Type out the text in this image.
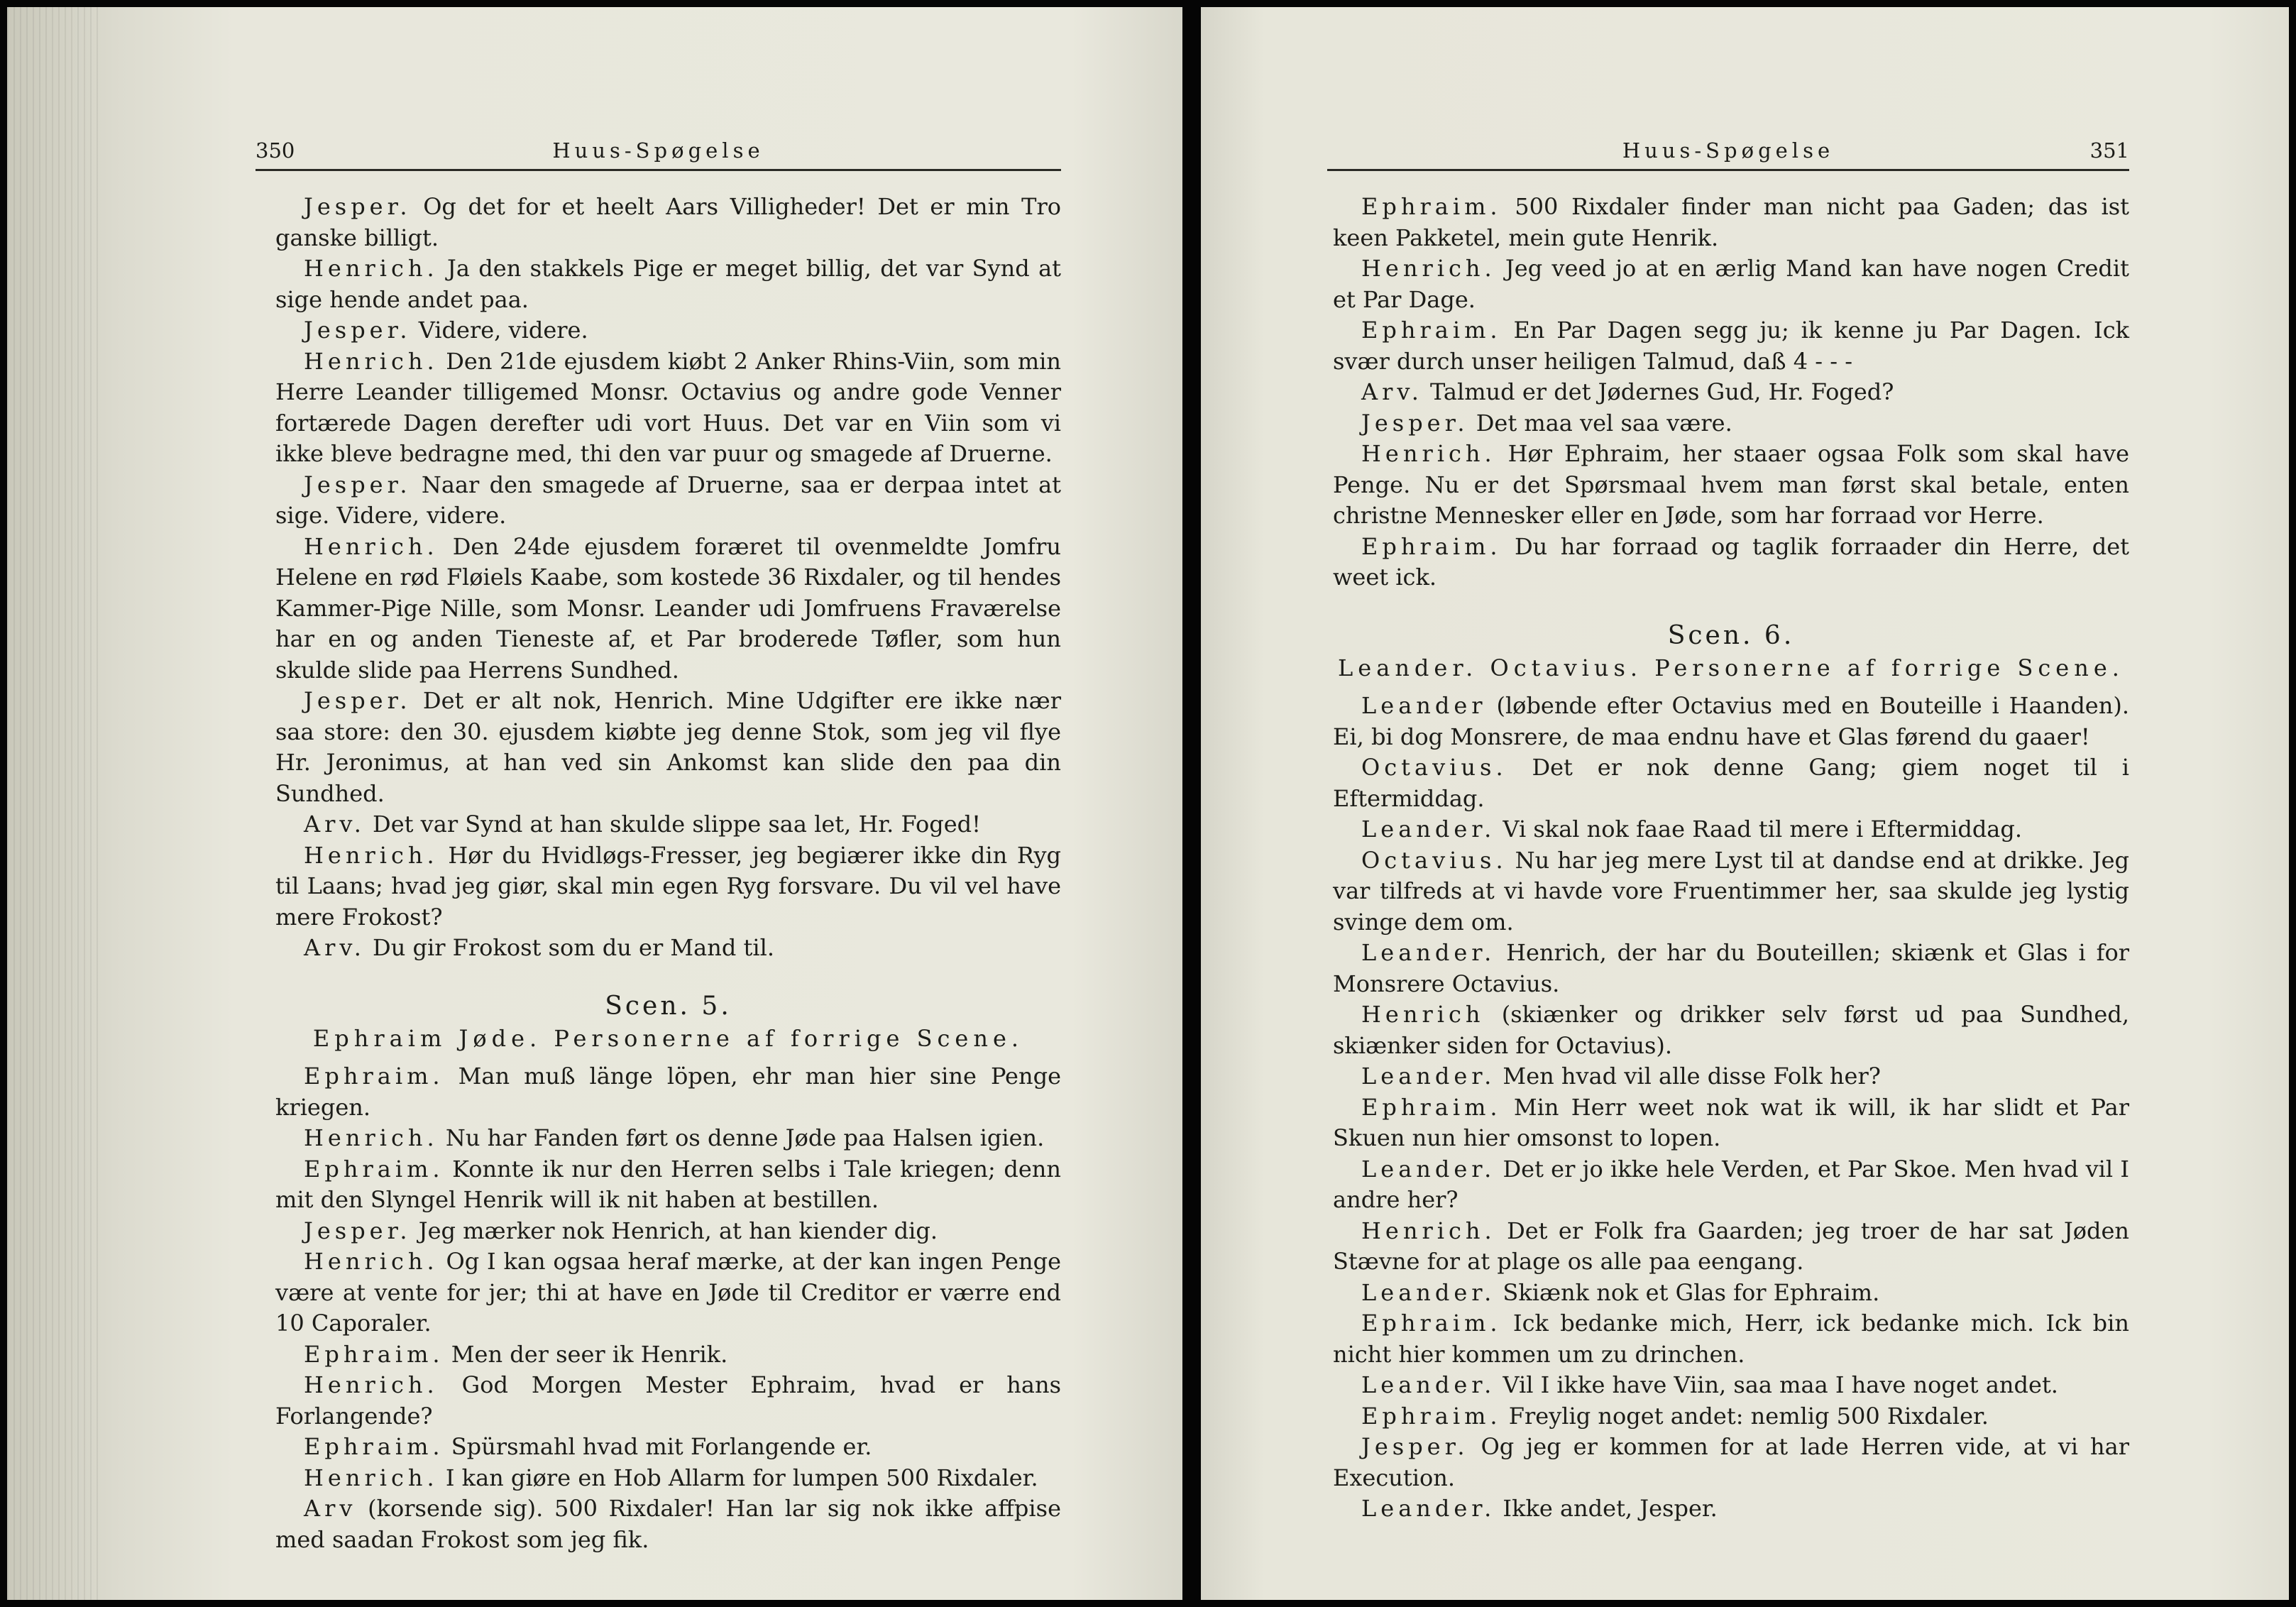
350	Huus-Spøgelse

Jesper. Og det for et heelt Aars Villigheder! Det er min Tro ganske billigt.

Henrich. Ja den stakkels Pige er meget billig, det var Synd at sige hende andet paa.

Jesper. Videre, videre.

Henrich. Den 21de ejusdem kiøbt 2 Anker Rhins-Viin, som min Herre Leander tilligemed Monsr. Octavius og andre gode Venner fortærede Dagen derefter udi vort Huus. Det var en Viin som vi ikke bleve bedragne med, thi den var puur og smagede af Druerne.

Jesper. Naar den smagede af Druerne, saa er derpaa intet at sige. Videre, videre.

Henrich. Den 24de ejusdem foræret til ovenmeldte Jomfru Helene en rød Fløiels Kaabe, som kostede 36 Rixdaler, og til hendes Kammer-Pige Nille, som Monsr. Leander udi Jomfruens Fraværelse har en og anden Tieneste af, et Par broderede Tøfler, som hun skulde slide paa Herrens Sundhed.

Jesper. Det er alt nok, Henrich. Mine Udgifter ere ikke nær saa store: den 30. ejusdem kiøbte jeg denne Stok, som jeg vil flye Hr. Jeronimus, at han ved sin Ankomst kan slide den paa din Sundhed.

Arv. Det var Synd at han skulde slippe saa let, Hr. Foged!

Henrich. Hør du Hvidløgs-Fresser, jeg begiærer ikke din Ryg til Laans; hvad jeg giør, skal min egen Ryg forsvare. Du vil vel have mere Frokost?

Arv. Du gir Frokost som du er Mand til.

Scen. 5.
Ephraim Jøde. Personerne af forrige Scene.

Ephraim. Man muß länge löpen, ehr man hier sine Penge kriegen.

Henrich. Nu har Fanden ført os denne Jøde paa Halsen igien.

Ephraim. Konnte ik nur den Herren selbs i Tale kriegen; denn mit den Slyngel Henrik will ik nit haben at bestillen.

Jesper. Jeg mærker nok Henrich, at han kiender dig.

Henrich. Og I kan ogsaa heraf mærke, at der kan ingen Penge være at vente for jer; thi at have en Jøde til Creditor er værre end 10 Caporaler.

Ephraim. Men der seer ik Henrik.

Henrich. God Morgen Mester Ephraim, hvad er hans Forlangende?

Ephraim. Spürsmahl hvad mit Forlangende er.

Henrich. I kan giøre en Hob Allarm for lumpen 500 Rixdaler.

Arv (korsende sig). 500 Rixdaler! Han lar sig nok ikke affpise med saadan Frokost som jeg fik.

Huus-Spøgelse	351

Ephraim. 500 Rixdaler finder man nicht paa Gaden; das ist keen Pakketel, mein gute Henrik.

Henrich. Jeg veed jo at en ærlig Mand kan have nogen Credit et Par Dage.

Ephraim. En Par Dagen segg ju; ik kenne ju Par Dagen. Ick svær durch unser heiligen Talmud, daß 4 - - -

Arv. Talmud er det Jødernes Gud, Hr. Foged?

Jesper. Det maa vel saa være.

Henrich. Hør Ephraim, her staaer ogsaa Folk som skal have Penge. Nu er det Spørsmaal hvem man først skal betale, enten christne Mennesker eller en Jøde, som har forraad vor Herre.

Ephraim. Du har forraad og taglik forraader din Herre, det weet ick.

Scen. 6.
Leander. Octavius. Personerne af forrige Scene.

Leander (løbende efter Octavius med en Bouteille i Haanden). Ei, bi dog Monsrere, de maa endnu have et Glas førend du gaaer!

Octavius. Det er nok denne Gang; giem noget til i Eftermiddag.

Leander. Vi skal nok faae Raad til mere i Eftermiddag.

Octavius. Nu har jeg mere Lyst til at dandse end at drikke. Jeg var tilfreds at vi havde vore Fruentimmer her, saa skulde jeg lystig svinge dem om.

Leander. Henrich, der har du Bouteillen; skiænk et Glas i for Monsrere Octavius.

Henrich (skiænker og drikker selv først ud paa Sundhed, skiænker siden for Octavius).

Leander. Men hvad vil alle disse Folk her?

Ephraim. Min Herr weet nok wat ik will, ik har slidt et Par Skuen nun hier omsonst to lopen.

Leander. Det er jo ikke hele Verden, et Par Skoe. Men hvad vil I andre her?

Henrich. Det er Folk fra Gaarden; jeg troer de har sat Jøden Stævne for at plage os alle paa eengang.

Leander. Skiænk nok et Glas for Ephraim.

Ephraim. Ick bedanke mich, Herr, ick bedanke mich. Ick bin nicht hier kommen um zu drinchen.

Leander. Vil I ikke have Viin, saa maa I have noget andet.

Ephraim. Freylig noget andet: nemlig 500 Rixdaler.

Jesper. Og jeg er kommen for at lade Herren vide, at vi har Execution.

Leander. Ikke andet, Jesper.
